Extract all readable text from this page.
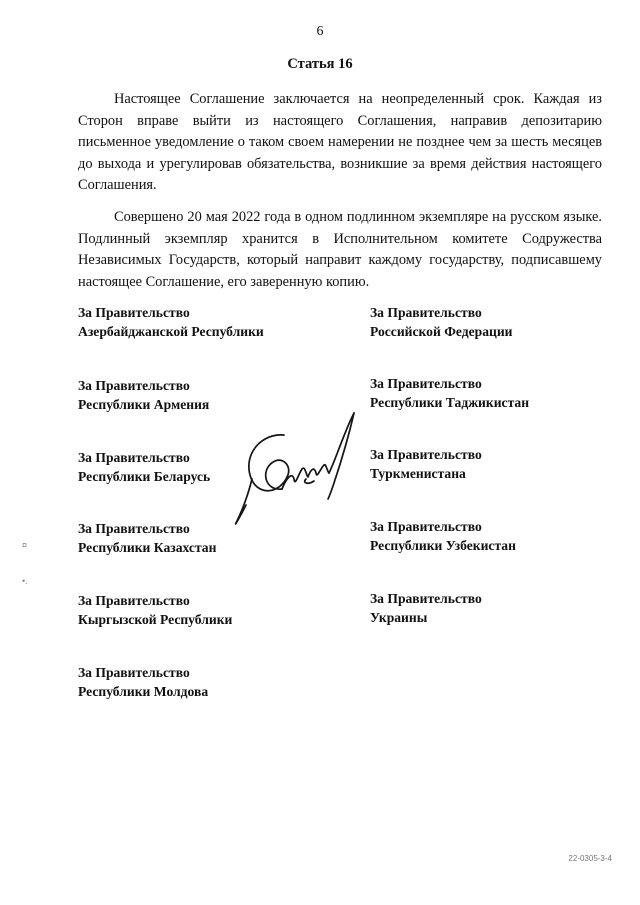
6
Статья 16

Настоящее Соглашение заключается на неопределенный срок. Каждая из Сторон вправе выйти из настоящего Соглашения, направив депозитарию письменное уведомление о таком своем намерении не позднее чем за шесть месяцев до выхода и урегулировав обязательства, возникшие за время действия настоящего Соглашения.

Совершено 20 мая 2022 года в одном подлинном экземпляре на русском языке. Подлинный экземпляр хранится в Исполнительном комитете Содружества Независимых Государств, который направит каждому государству, подписавшему настоящее Соглашение, его заверенную копию.

За Правительство
Азербайджанской Республики
За Правительство
Республики Армения
За Правительство
Республики Беларусь
За Правительство
Республики Казахстан
За Правительство
Кыргызской Республики
За Правительство
Республики Молдова
За Правительство
Российской Федерации
За Правительство
Республики Таджикистан
За Правительство
Туркменистана
За Правительство
Республики Узбекистан
За Правительство
Украины
¤
•.
22-0305-3-4
